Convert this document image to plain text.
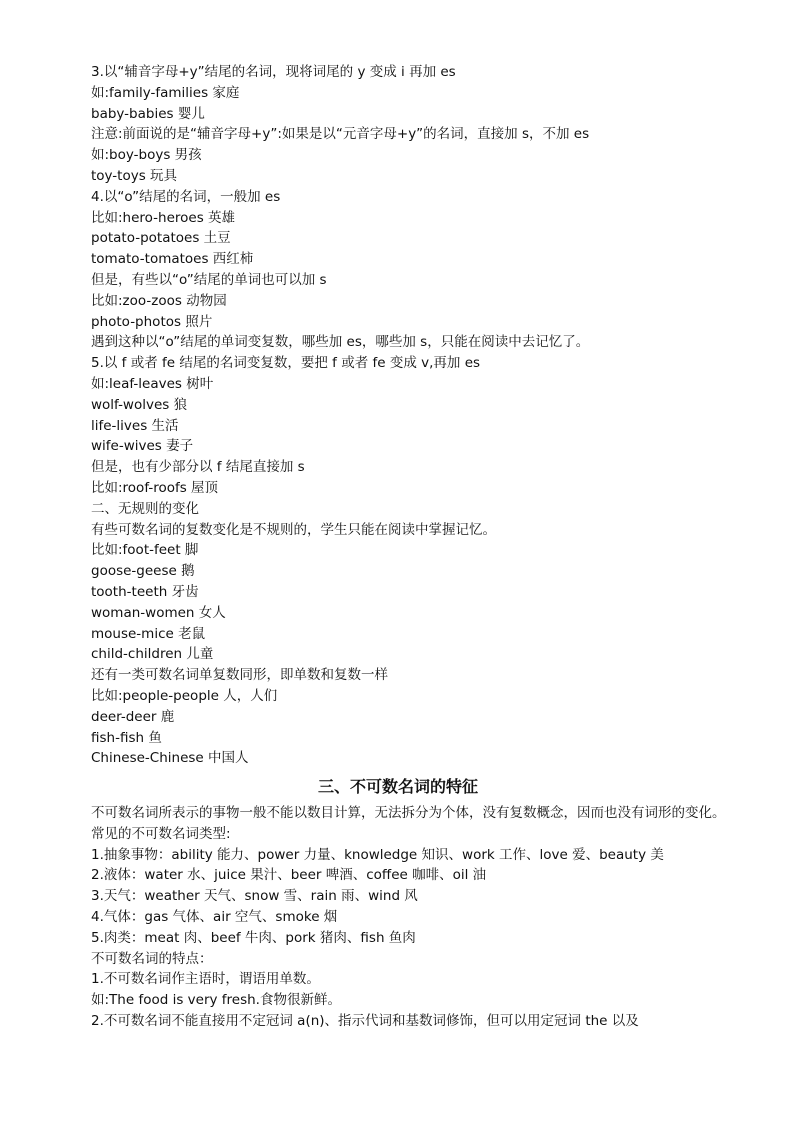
3.以“辅音字母+y”结尾的名词，现将词尾的 y 变成 i 再加 es
如:family-families 家庭
baby-babies 婴儿
注意:前面说的是“辅音字母+y”:如果是以“元音字母+y”的名词，直接加 s，不加 es
如:boy-boys 男孩
toy-toys 玩具
4.以“o”结尾的名词，一般加 es
比如:hero-heroes 英雄
potato-potatoes 土豆
tomato-tomatoes 西红柿
但是，有些以“o”结尾的单词也可以加 s
比如:zoo-zoos 动物园
photo-photos 照片
遇到这种以“o”结尾的单词变复数，哪些加 es，哪些加 s，只能在阅读中去记忆了。
5.以 f 或者 fe 结尾的名词变复数，要把 f 或者 fe 变成 v,再加 es
如:leaf-leaves 树叶
wolf-wolves 狼
life-lives 生活
wife-wives 妻子
但是，也有少部分以 f 结尾直接加 s
比如:roof-roofs 屋顶
二、无规则的变化
有些可数名词的复数变化是不规则的，学生只能在阅读中掌握记忆。
比如:foot-feet 脚
goose-geese 鹅
tooth-teeth 牙齿
woman-women 女人
mouse-mice 老鼠
child-children 儿童
还有一类可数名词单复数同形，即单数和复数一样
比如:people-people 人，人们
deer-deer 鹿
fish-fish 鱼
Chinese-Chinese 中国人
三、不可数名词的特征
不可数名词所表示的事物一般不能以数目计算，无法拆分为个体，没有复数概念，因而也没有词形的变化。
常见的不可数名词类型:
1.抽象事物：ability 能力、power 力量、knowledge 知识、work 工作、love 爱、beauty 美
2.液体：water 水、juice 果汁、beer 啤酒、coffee 咖啡、oil 油
3.天气：weather 天气、snow 雪、rain 雨、wind 风
4.气体：gas 气体、air 空气、smoke 烟
5.肉类：meat 肉、beef 牛肉、pork 猪肉、fish 鱼肉
不可数名词的特点：
1.不可数名词作主语时，谓语用单数。
如:The food is very fresh.食物很新鲜。
2.不可数名词不能直接用不定冠词 a(n)、指示代词和基数词修饰，但可以用定冠词 the 以及
